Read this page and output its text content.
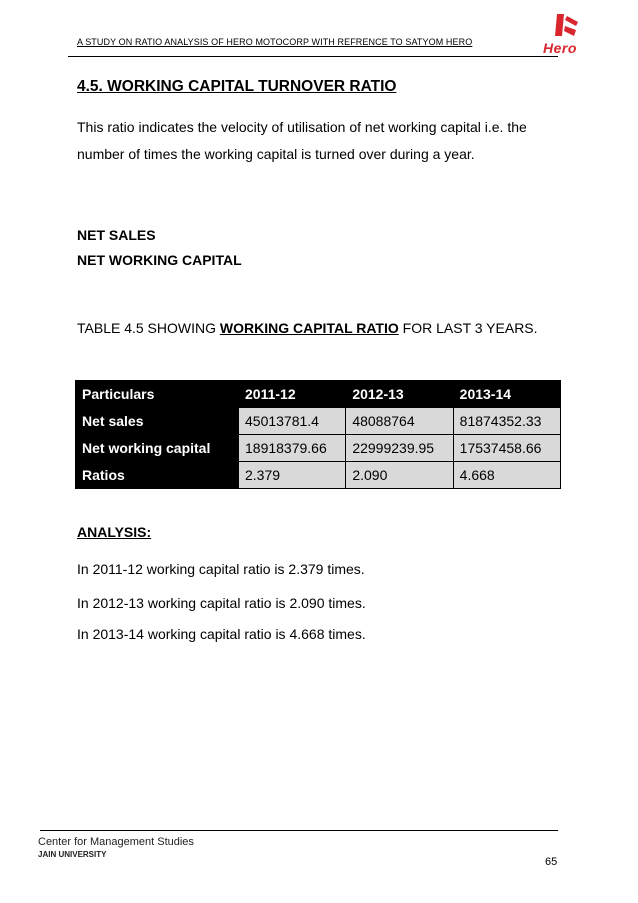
A STUDY ON RATIO ANALYSIS OF HERO MOTOCORP WITH REFRENCE TO SATYOM HERO	Hero
4.5. WORKING CAPITAL TURNOVER RATIO
This ratio indicates the velocity of utilisation of net working capital i.e. the number of times the working capital is turned over during a year.
NET SALES
NET WORKING CAPITAL
TABLE 4.5 SHOWING WORKING CAPITAL RATIO FOR LAST 3 YEARS.
Particulars	2011-12	2012-13	2013-14
Net sales	45013781.4	48088764	81874352.33
Net working capital	18918379.66	22999239.95	17537458.66
Ratios	2.379	2.090	4.668
ANALYSIS:
In 2011-12 working capital ratio is 2.379 times.
In 2012-13 working capital ratio is 2.090 times.
In 2013-14 working capital ratio is 4.668 times.
Center for Management Studies
JAIN UNIVERSITY
65
